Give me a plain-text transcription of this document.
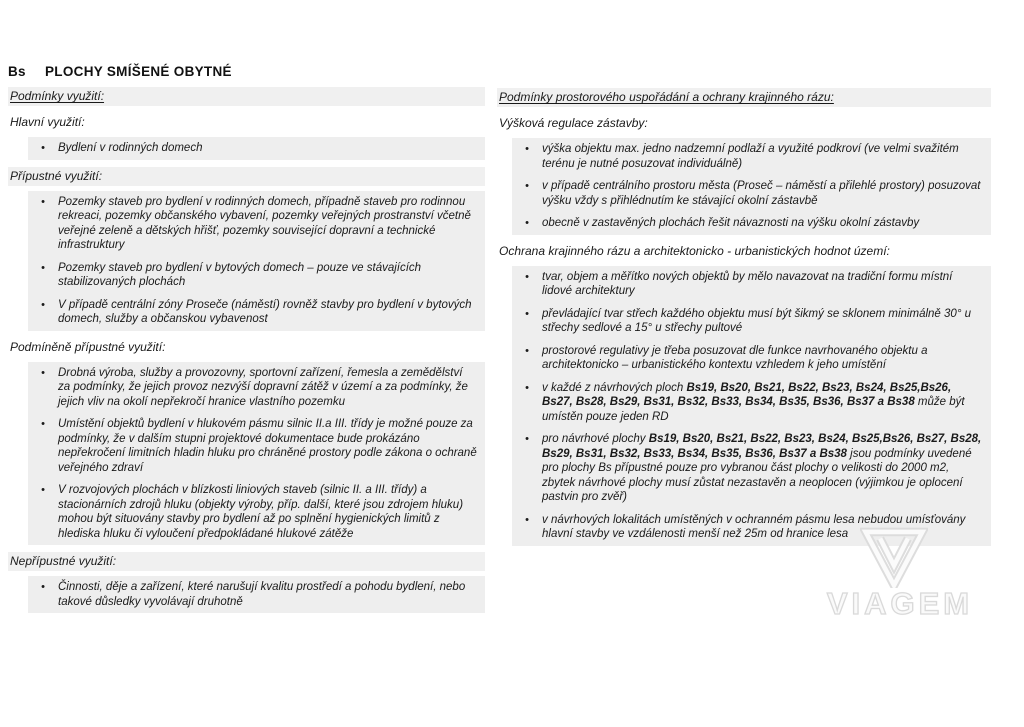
Bs	PLOCHY SMÍŠENÉ OBYTNÉ
Podmínky využití:
Hlavní využití:
•	Bydlení v rodinných domech
Přípustné využití:
•	Pozemky staveb pro bydlení v rodinných domech, případně staveb pro rodinnou rekreaci, pozemky občanského vybavení, pozemky veřejných prostranství včetně veřejné zeleně a dětských hřišť, pozemky související dopravní a technické infrastruktury
•	Pozemky staveb pro bydlení v bytových domech – pouze ve stávajících stabilizovaných plochách
•	V případě centrální zóny Proseče (náměstí) rovněž stavby pro bydlení v bytových domech, služby a občanskou vybavenost
Podmíněně přípustné využití:
•	Drobná výroba, služby a provozovny, sportovní zařízení, řemesla a zemědělství za podmínky, že jejich provoz nezvýší dopravní zátěž v území a za podmínky, že jejich vliv na okolí nepřekročí hranice vlastního pozemku
•	Umístění objektů bydlení v hlukovém pásmu silnic II.a III. třídy je možné pouze za podmínky, že v dalším stupni projektové dokumentace bude prokázáno nepřekročení limitních hladin hluku pro chráněné prostory podle zákona o ochraně veřejného zdraví
•	V rozvojových plochách v blízkosti liniových staveb (silnic II. a III. třídy) a stacionárních zdrojů hluku (objekty výroby, příp. další, které jsou zdrojem hluku) mohou být situovány stavby pro bydlení až po splnění hygienických limitů z hlediska hluku či vyloučení předpokládané hlukové zátěže
Nepřípustné využití:
•	Činnosti, děje a zařízení, které narušují kvalitu prostředí a pohodu bydlení, nebo takové důsledky vyvolávají druhotně
Podmínky prostorového uspořádání a ochrany krajinného rázu:
Výšková regulace zástavby:
•	výška objektu max. jedno nadzemní podlaží a využité podkroví (ve velmi svažitém terénu je nutné posuzovat individuálně)
•	v případě centrálního prostoru města (Proseč – náměstí a přilehlé prostory) posuzovat výšku vždy s přihlédnutím ke stávající okolní zástavbě
•	obecně v zastavěných plochách řešit návaznosti na výšku okolní zástavby
Ochrana krajinného rázu a architektonicko - urbanistických hodnot území:
•	tvar, objem a měřítko nových objektů by mělo navazovat na tradiční formu místní lidové architektury
•	převládající tvar střech každého objektu musí být šikmý se sklonem minimálně 30° u střechy sedlové a 15° u střechy pultové
•	prostorové regulativy je třeba posuzovat dle funkce navrhovaného objektu a architektonicko – urbanistického kontextu vzhledem k jeho umístění
•	v každé z návrhových ploch Bs19, Bs20, Bs21, Bs22, Bs23, Bs24, Bs25,Bs26, Bs27, Bs28, Bs29, Bs31, Bs32, Bs33, Bs34, Bs35, Bs36, Bs37 a Bs38 může být umístěn pouze jeden RD
•	pro návrhové plochy Bs19, Bs20, Bs21, Bs22, Bs23, Bs24, Bs25,Bs26, Bs27, Bs28, Bs29, Bs31, Bs32, Bs33, Bs34, Bs35, Bs36, Bs37 a Bs38 jsou podmínky uvedené pro plochy Bs přípustné pouze pro vybranou část plochy o velikosti do 2000 m2, zbytek návrhové plochy musí zůstat nezastavěn a neoplocen (výjimkou je oplocení pastvin pro zvěř)
•	v návrhových lokalitách umístěných v ochranném pásmu lesa nebudou umísťovány hlavní stavby ve vzdálenosti menší než 25m od hranice lesa
VIAGEM
